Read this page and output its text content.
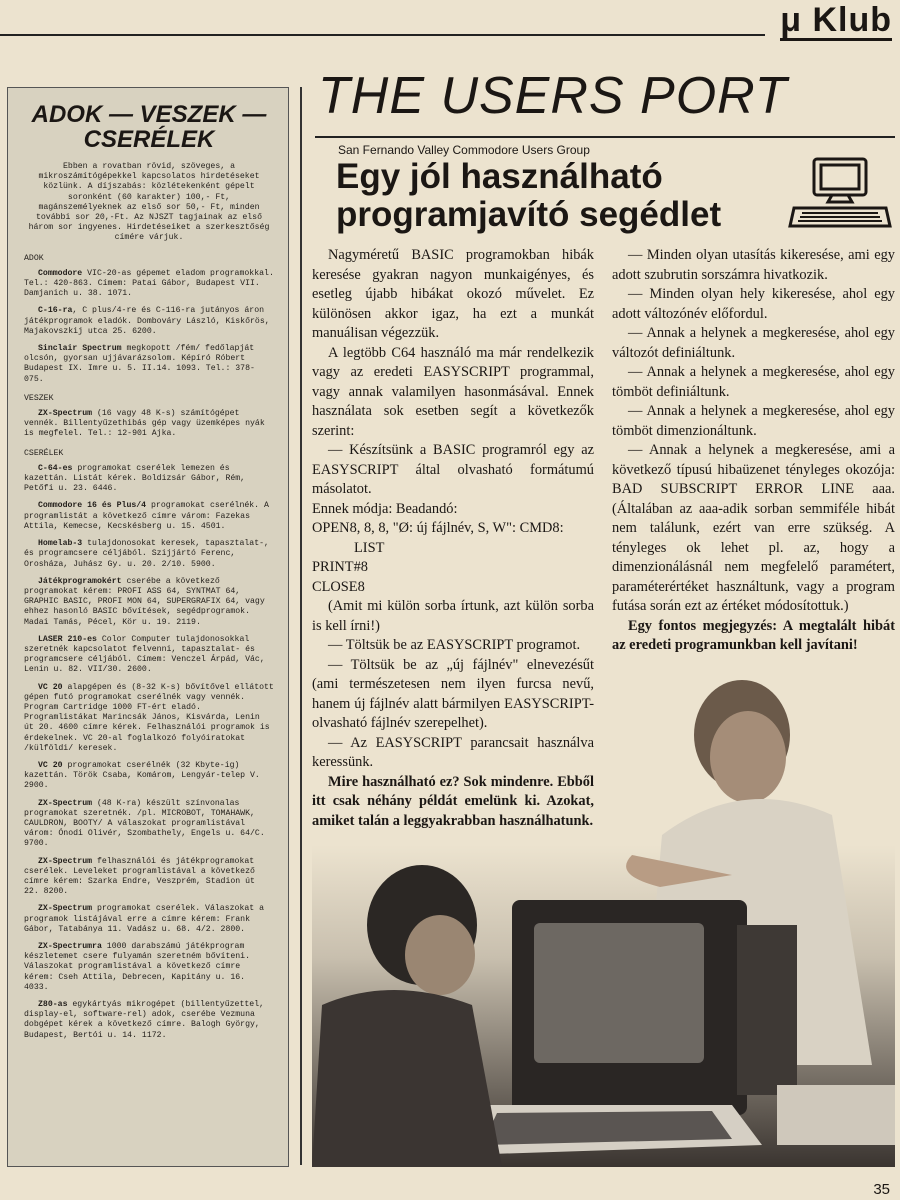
μ Klub
ADOK — VESZEK — CSERÉLEK

Ebben a rovatban rövid, szöveges, a mikroszámítógépekkel kapcsolatos hirdetéseket közlünk. A díjszabás: közlétekenként gépelt soronként (60 karakter) 100,- Ft, magánszemélyeknek az első sor 50,- Ft, minden további sor 20,-Ft. Az NJSZT tagjainak az első három sor ingyenes. Hirdetéseiket a szerkesztőség címére várjuk.

ADOK

Commodore VIC-20-as gépemet eladom programokkal. Tel.: 420-863. Címem: Patai Gábor, Budapest VII. Damjanich u. 38. 1071.

C-16-ra, C plus/4-re és C-116-ra jutányos áron játékprogramok eladók. Dombováry László, Kiskőrös, Majakovszkij utca 25. 6200.

Sinclair Spectrum megkopott /fém/ fedőlapját olcsón, gyorsan ujjávarázsolom. Képíró Róbert Budapest IX. Imre u. 5. II.14. 1093. Tel.: 378-075.

VESZEK

ZX-Spectrum (16 vagy 48 K-s) számítógépet vennék. Billentyűzethibás gép vagy üzemképes nyák is megfelel. Tel.: 12-901 Ajka.

CSERÉLEK

C-64-es programokat cserélek lemezen és kazettán. Listát kérek. Boldizsár Gábor, Rém, Petőfi u. 23. 6446.

Commodore 16 és Plus/4 programokat cserélnék. A programlistát a következő címre várom: Fazekas Attila, Kemecse, Kecskésberg u. 15. 4501.

Homelab-3 tulajdonosokat keresek, tapasztalat-, és programcsere céljából. Szijjártó Ferenc, Orosháza, Juhász Gy. u. 20. 2/10. 5900.

Játékprogramokért cserébe a következő programokat kérem: PROFI ASS 64, SYNTMAT 64, GRAPHIC BASIC, PROFI MON 64, SUPERGRAFIX 64, vagy ehhez hasonló BASIC bővítések, segédprogramok. Madai Tamás, Pécel, Kör u. 19. 2119.

LASER 210-es Color Computer tulajdonosokkal szeretnék kapcsolatot felvenni, tapasztalat- és programcsere céljából. Címem: Venczel Árpád, Vác, Lenin u. 82. VII/30. 2600.

VC 20 alapgépen és (8-32 K-s) bővítővel ellátott gépen futó programokat cserélnék vagy vennék. Program Cartridge 1000 FT-ért eladó. Programlistákat Marincsák János, Kisvárda, Lenin út 20. 4600 címre kérek. Felhasználói programok is érdekelnek. VC 20-al foglalkozó folyóiratokat /külföldi/ keresek.

VC 20 programokat cserélnék (32 Kbyte-ig) kazettán. Török Csaba, Komárom, Lengyár-telep V. 2900.

ZX-Spectrum (48 K-ra) készült színvonalas programokat szeretnék. /pl. MICROBOT, TOMAHAWK, CAULDRON, BOOTY/ A válaszokat programlistával várom: Ónodi Olivér, Szombathely, Engels u. 64/C. 9700.

ZX-Spectrum felhasználói és játékprogramokat cserélek. Leveleket programlistával a következő címre kérem: Szarka Endre, Veszprém, Stadion út 22. 8200.

ZX-Spectrum programokat cserélek. Válaszokat a programok listájával erre a címre kérem: Frank Gábor, Tatabánya 11. Vadász u. 68. 4/2. 2800.

ZX-Spectrumra 1000 darabszámú játékprogram készletemet csere fulyamán szeretném bővíteni. Válaszokat programlistával a következő címre kérem: Cseh Attila, Debrecen, Kapitány u. 16. 4033.

Z80-as egykártyás mikrogépet (billentyűzettel, display-el, software-rel) adok, cserébe Vezmuna dobgépet kérek a következő címre. Balogh György, Budapest, Bertói u. 14. 1172.

THE USERS PORT
San Fernando Valley Commodore Users Group
Egy jól használható programjavító segédlet

Nagyméretű BASIC programokban hibák keresése gyakran nagyon munkaigényes, és esetleg újabb hibákat okozó művelet. Ez különösen akkor igaz, ha ezt a munkát manuálisan végezzük.

A legtöbb C64 használó ma már rendelkezik vagy az eredeti EASYSCRIPT programmal, vagy annak valamilyen hasonmásával. Ennek használata sok esetben segít a következők szerint:

— Készítsünk a BASIC programról egy az EASYSCRIPT által olvasható formátumú másolatot.

Ennek módja: Beadandó:

OPEN8, 8, 8, "Ø: új fájlnév, S, W": CMD8: LIST

PRINT#8

CLOSE8

(Amit mi külön sorba írtunk, azt külön sorba is kell írni!)

— Töltsük be az EASYSCRIPT programot.

— Töltsük be az „új fájlnév" elnevezésűt (ami természetesen nem ilyen furcsa nevű, hanem új fájlnév alatt bármilyen EASYSCRIPT-olvasható fájlnév szerepelhet).

— Az EASYSCRIPT parancsait használva keressünk.

Mire használható ez? Sok mindenre. Ebből itt csak néhány példát emelünk ki. Azokat, amiket talán a leggyakrabban használhatunk.

— Minden olyan utasítás kikeresése, ami egy adott szubrutin sorszámra hivatkozik.

— Minden olyan hely kikeresése, ahol egy adott változónév előfordul.

— Annak a helynek a megkeresése, ahol egy változót definiáltunk.

— Annak a helynek a megkeresése, ahol egy tömböt definiáltunk.

— Annak a helynek a megkeresése, ahol egy tömböt dimenzionáltunk.

— Annak a helynek a megkeresése, ami a következő típusú hibaüzenet tényleges okozója: BAD SUBSCRIPT ERROR LINE aaa. (Általában az aaa-adik sorban semmiféle hibát nem találunk, ezért van erre szükség. A tényleges ok lehet pl. az, hogy a dimenzionálásnál nem megfelelő paramétert, paraméterértéket használtunk, vagy a program futása során ezt az értéket módosítottuk.)

Egy fontos megjegyzés: A megtalált hibát az eredeti programunkban kell javítani!

35
